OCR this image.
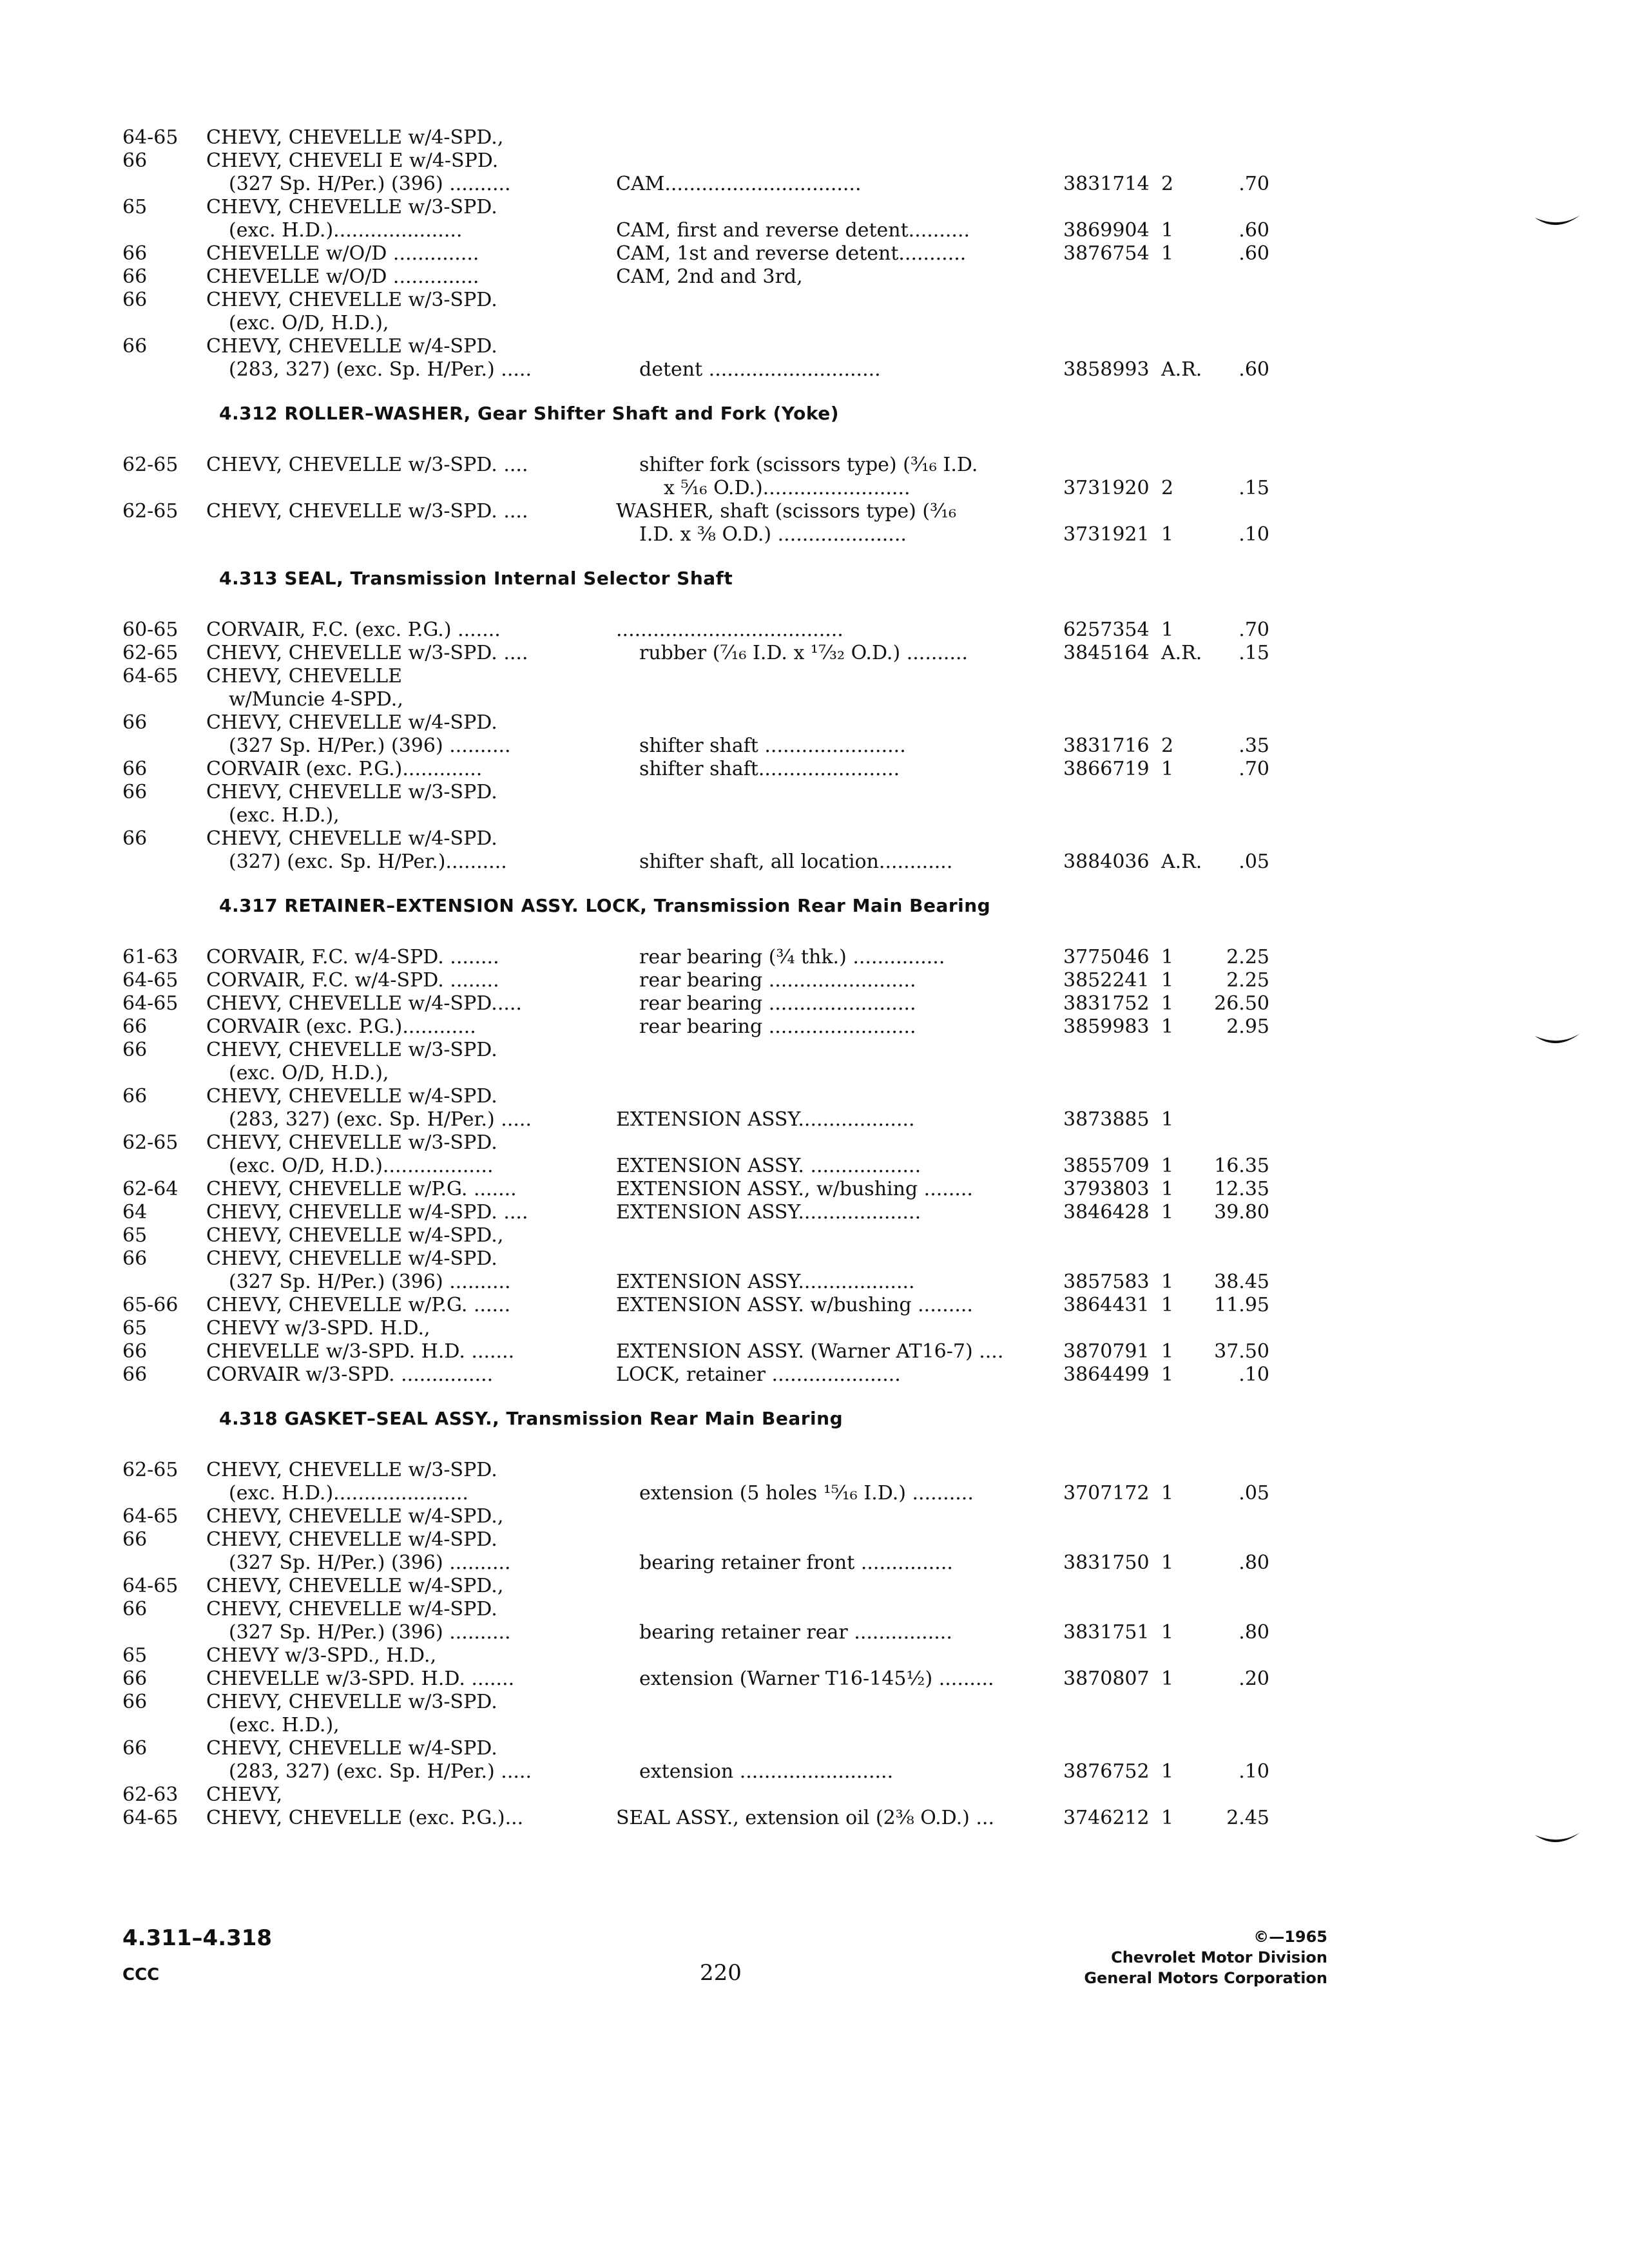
64-65	CHEVY, CHEVELLE w/4-SPD.,
66	CHEVY, CHEVELI E w/4-SPD.
(327 Sp. H/Per.) (396) ..........	CAM................................	3831714 2	.70
65	CHEVY, CHEVELLE w/3-SPD.
(exc. H.D.).....................	CAM, first and reverse detent..........	3869904 1	.60
66	CHEVELLE w/O/D ..............	CAM, 1st and reverse detent...........	3876754 1	.60
66	CHEVELLE w/O/D ..............	CAM, 2nd and 3rd,
66	CHEVY, CHEVELLE w/3-SPD.
(exc. O/D, H.D.),
66	CHEVY, CHEVELLE w/4-SPD.
(283, 327) (exc. Sp. H/Per.) .....	detent ............................	3858993 A.R.	.60
4.312 ROLLER–WASHER, Gear Shifter Shaft and Fork (Yoke)
62-65	CHEVY, CHEVELLE w/3-SPD. ....	shifter fork (scissors type) (³⁄₁₆ I.D.
x ⁵⁄₁₆ O.D.)........................	3731920 2	.15
62-65	CHEVY, CHEVELLE w/3-SPD. ....	WASHER, shaft (scissors type) (³⁄₁₆
I.D. x ³⁄₈ O.D.) .....................	3731921 1	.10
4.313 SEAL, Transmission Internal Selector Shaft
60-65	CORVAIR, F.C. (exc. P.G.) .......	.....................................	6257354 1	.70
62-65	CHEVY, CHEVELLE w/3-SPD. ....	rubber (⁷⁄₁₆ I.D. x ¹⁷⁄₃₂ O.D.) ..........	3845164 A.R.	.15
64-65	CHEVY, CHEVELLE
w/Muncie 4-SPD.,
66	CHEVY, CHEVELLE w/4-SPD.
(327 Sp. H/Per.) (396) ..........	shifter shaft .......................	3831716 2	.35
66	CORVAIR (exc. P.G.).............	shifter shaft.......................	3866719 1	.70
66	CHEVY, CHEVELLE w/3-SPD.
(exc. H.D.),
66	CHEVY, CHEVELLE w/4-SPD.
(327) (exc. Sp. H/Per.)..........	shifter shaft, all location............	3884036 A.R.	.05
4.317 RETAINER–EXTENSION ASSY. LOCK, Transmission Rear Main Bearing
61-63	CORVAIR, F.C. w/4-SPD. ........	rear bearing (³⁄₄ thk.) ...............	3775046 1	2.25
64-65	CORVAIR, F.C. w/4-SPD. ........	rear bearing ........................	3852241 1	2.25
64-65	CHEVY, CHEVELLE w/4-SPD.....	rear bearing ........................	3831752 1	26.50
66	CORVAIR (exc. P.G.)............	rear bearing ........................	3859983 1	2.95
66	CHEVY, CHEVELLE w/3-SPD.
(exc. O/D, H.D.),
66	CHEVY, CHEVELLE w/4-SPD.
(283, 327) (exc. Sp. H/Per.) .....	EXTENSION ASSY...................	3873885 1
62-65	CHEVY, CHEVELLE w/3-SPD.
(exc. O/D, H.D.)..................	EXTENSION ASSY. ..................	3855709 1	16.35
62-64	CHEVY, CHEVELLE w/P.G. .......	EXTENSION ASSY., w/bushing ........	3793803 1	12.35
64	CHEVY, CHEVELLE w/4-SPD. ....	EXTENSION ASSY....................	3846428 1	39.80
65	CHEVY, CHEVELLE w/4-SPD.,
66	CHEVY, CHEVELLE w/4-SPD.
(327 Sp. H/Per.) (396) ..........	EXTENSION ASSY...................	3857583 1	38.45
65-66	CHEVY, CHEVELLE w/P.G. ......	EXTENSION ASSY. w/bushing .........	3864431 1	11.95
65	CHEVY w/3-SPD. H.D.,
66	CHEVELLE w/3-SPD. H.D. .......	EXTENSION ASSY. (Warner AT16-7) ....	3870791 1	37.50
66	CORVAIR w/3-SPD. ...............	LOCK, retainer .....................	3864499 1	.10
4.318 GASKET–SEAL ASSY., Transmission Rear Main Bearing
62-65	CHEVY, CHEVELLE w/3-SPD.
(exc. H.D.)......................	extension (5 holes ¹⁵⁄₁₆ I.D.) ..........	3707172 1	.05
64-65	CHEVY, CHEVELLE w/4-SPD.,
66	CHEVY, CHEVELLE w/4-SPD.
(327 Sp. H/Per.) (396) ..........	bearing retainer front ...............	3831750 1	.80
64-65	CHEVY, CHEVELLE w/4-SPD.,
66	CHEVY, CHEVELLE w/4-SPD.
(327 Sp. H/Per.) (396) ..........	bearing retainer rear ................	3831751 1	.80
65	CHEVY w/3-SPD., H.D.,
66	CHEVELLE w/3-SPD. H.D. .......	extension (Warner T16-145½) .........	3870807 1	.20
66	CHEVY, CHEVELLE w/3-SPD.
(exc. H.D.),
66	CHEVY, CHEVELLE w/4-SPD.
(283, 327) (exc. Sp. H/Per.) .....	extension .........................	3876752 1	.10
62-63	CHEVY,
64-65	CHEVY, CHEVELLE (exc. P.G.)...	SEAL ASSY., extension oil (2³⁄₈ O.D.) ...	3746212 1	2.45
4.311–4.318
CCC	220
©—1965
Chevrolet Motor Division
General Motors Corporation
